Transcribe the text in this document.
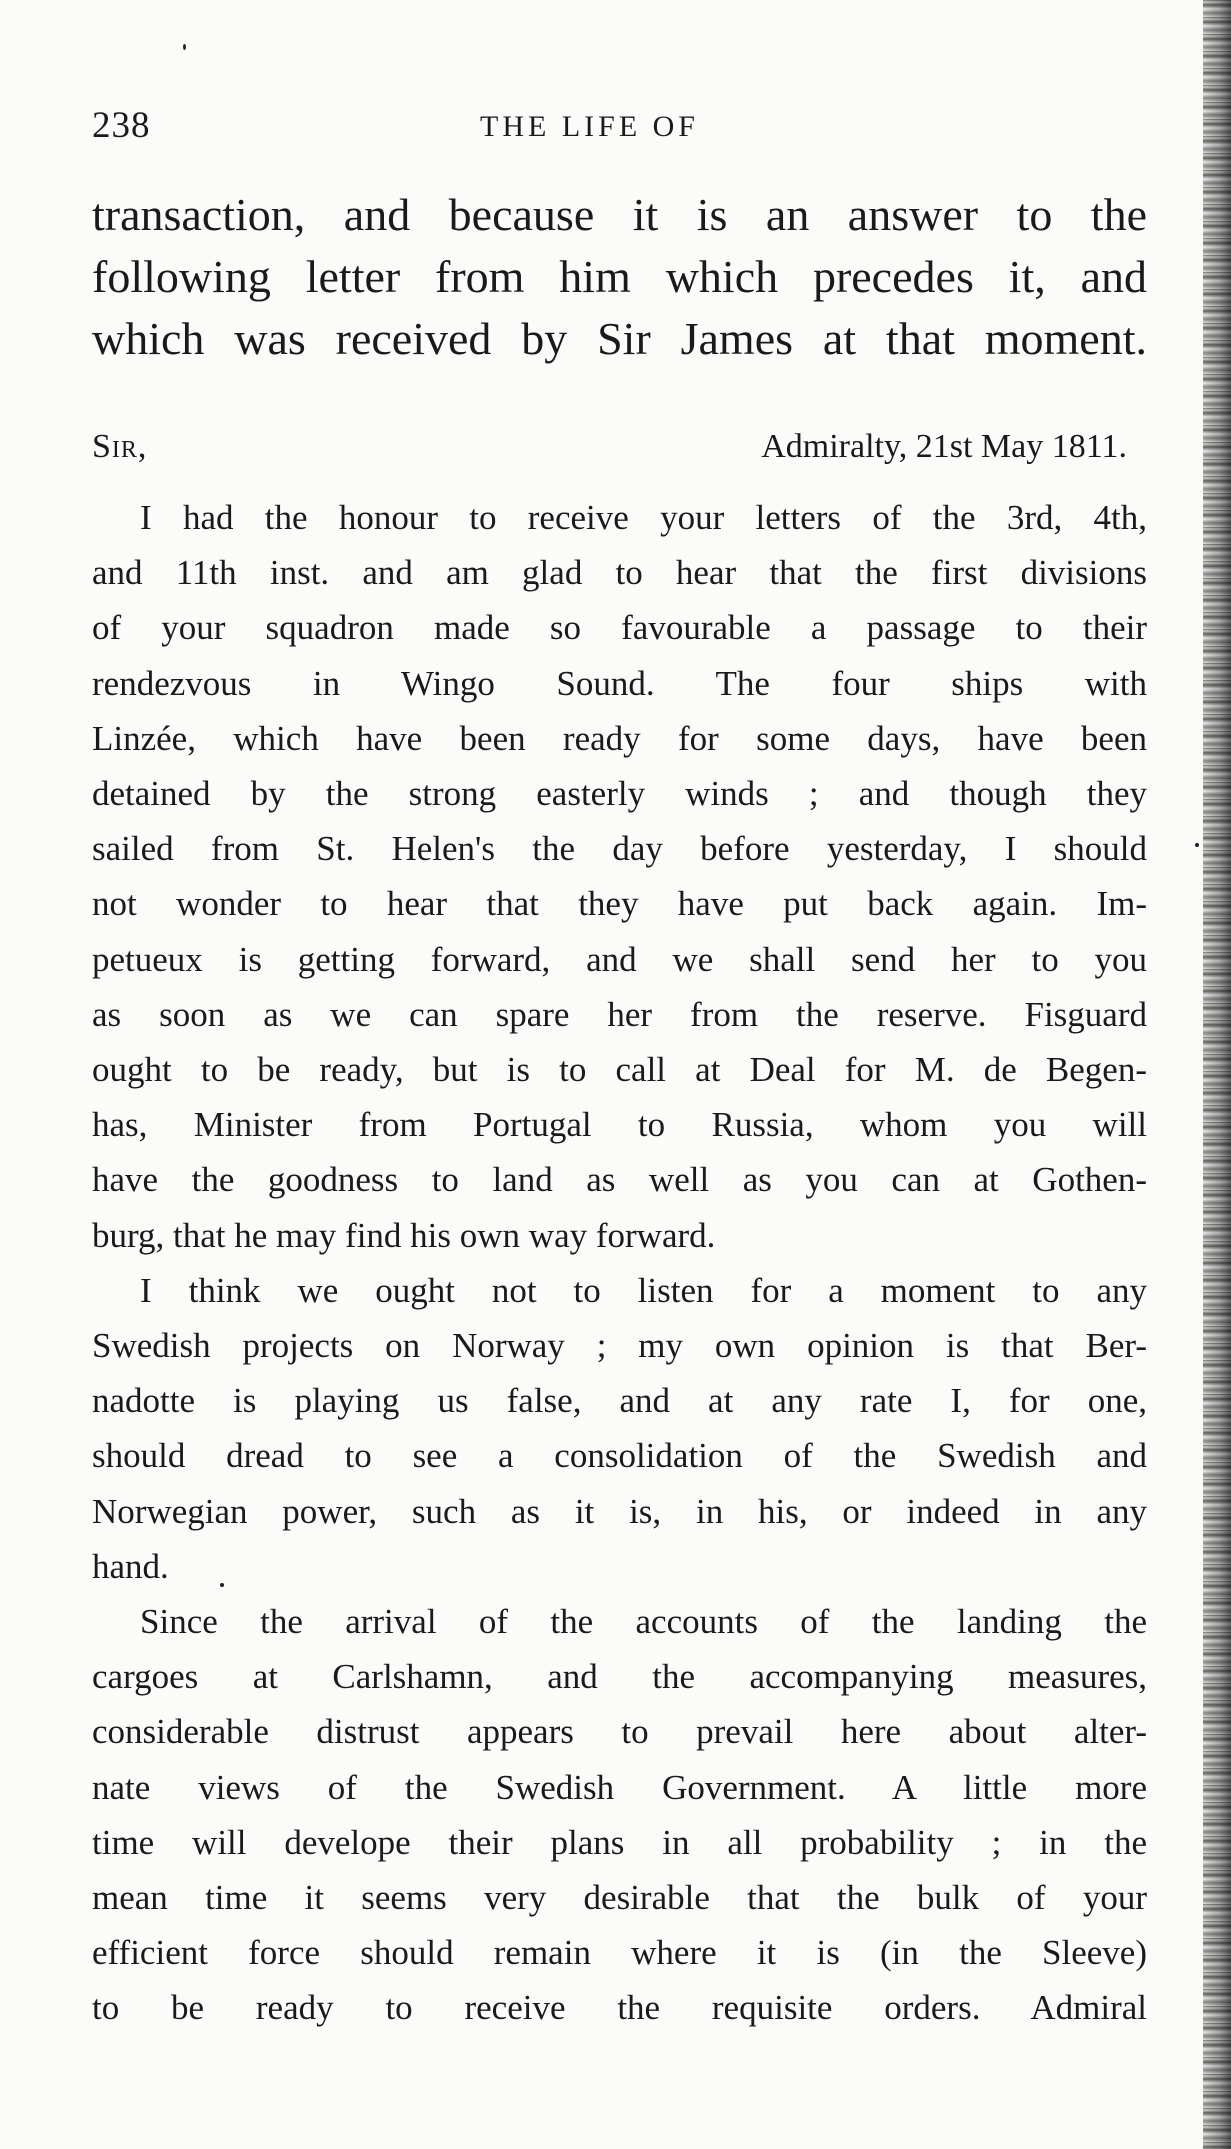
238	THE LIFE OF
transaction, and because it is an answer to the
following letter from him which precedes it, and
which was received by Sir James at that moment.
Sir,	Admiralty, 21st May 1811.
I had the honour to receive your letters of the 3rd, 4th,
and 11th inst. and am glad to hear that the first divisions
of your squadron made so favourable a passage to their
rendezvous in Wingo Sound. The four ships with
Linzée, which have been ready for some days, have been
detained by the strong easterly winds ; and though they
sailed from St. Helen's the day before yesterday, I should
not wonder to hear that they have put back again. Im-
petueux is getting forward, and we shall send her to you
as soon as we can spare her from the reserve. Fisguard
ought to be ready, but is to call at Deal for M. de Begen-
has, Minister from Portugal to Russia, whom you will
have the goodness to land as well as you can at Gothen-
burg, that he may find his own way forward.
I think we ought not to listen for a moment to any
Swedish projects on Norway ; my own opinion is that Ber-
nadotte is playing us false, and at any rate I, for one,
should dread to see a consolidation of the Swedish and
Norwegian power, such as it is, in his, or indeed in any
hand.
Since the arrival of the accounts of the landing the
cargoes at Carlshamn, and the accompanying measures,
considerable distrust appears to prevail here about alter-
nate views of the Swedish Government. A little more
time will develope their plans in all probability ; in the
mean time it seems very desirable that the bulk of your
efficient force should remain where it is (in the Sleeve)
to be ready to receive the requisite orders. Admiral
